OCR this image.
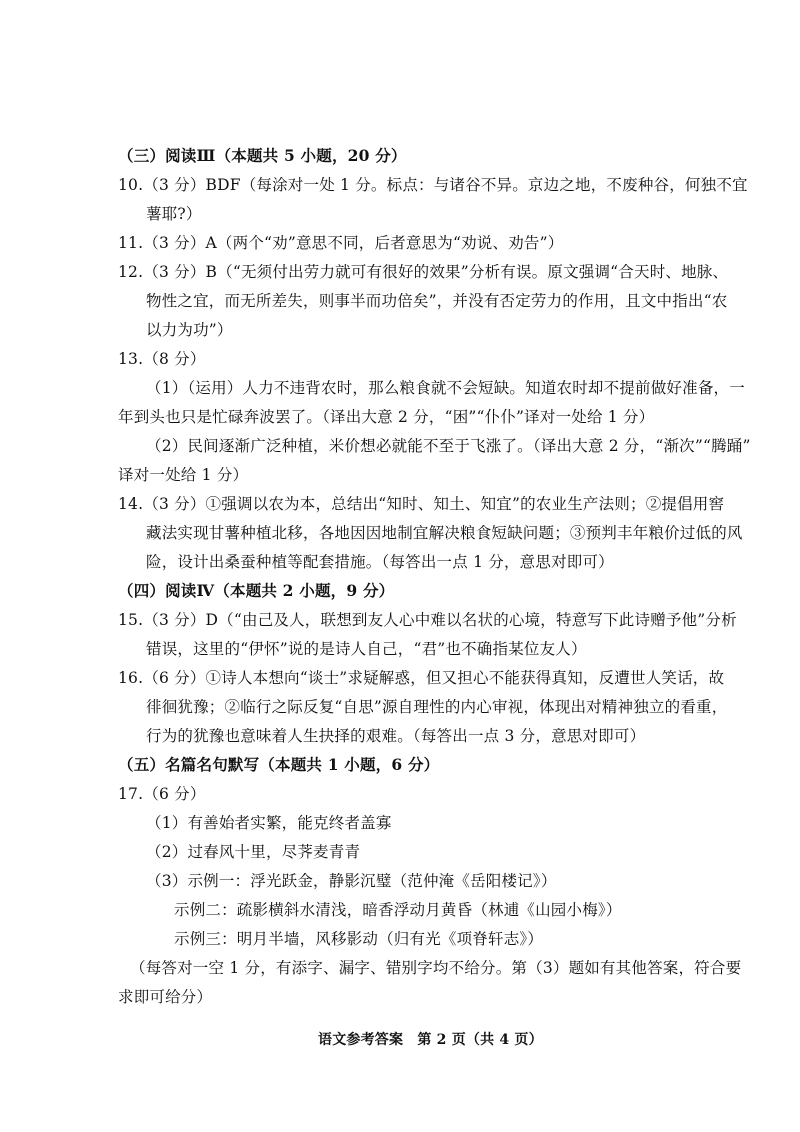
（三）阅读Ⅲ（本题共 5 小题，20 分）
10.（3 分）BDF（每涂对一处 1 分。标点：与诸谷不异。京边之地，不废种谷，何独不宜
薯耶?）
11.（3 分）A（两个“劝”意思不同，后者意思为“劝说、劝告”）
12.（3 分）B（“无须付出劳力就可有很好的效果”分析有误。原文强调“合天时、地脉、
物性之宜，而无所差失，则事半而功倍矣”，并没有否定劳力的作用，且文中指出“农
以力为功”）
13.（8 分）
（1）（运用）人力不违背农时，那么粮食就不会短缺。知道农时却不提前做好准备，一
年到头也只是忙碌奔波罢了。（译出大意 2 分，“困”“仆仆”译对一处给 1 分）
（2）民间逐渐广泛种植，米价想必就能不至于飞涨了。（译出大意 2 分，“渐次”“腾踊”
译对一处给 1 分）
14.（3 分）①强调以农为本，总结出“知时、知土、知宜”的农业生产法则；②提倡用窖
藏法实现甘薯种植北移，各地因因地制宜解决粮食短缺问题；③预判丰年粮价过低的风
险，设计出桑蚕种植等配套措施。（每答出一点 1 分，意思对即可）
（四）阅读Ⅳ（本题共 2 小题，9 分）
15.（3 分）D（“由己及人，联想到友人心中难以名状的心境，特意写下此诗赠予他”分析
错误，这里的“伊怀”说的是诗人自己，“君”也不确指某位友人）
16.（6 分）①诗人本想向“谈士”求疑解惑，但又担心不能获得真知，反遭世人笑话，故
徘徊犹豫；②临行之际反复“自思”源自理性的内心审视，体现出对精神独立的看重，
行为的犹豫也意味着人生抉择的艰难。（每答出一点 3 分，意思对即可）
（五）名篇名句默写（本题共 1 小题，6 分）
17.（6 分）
（1）有善始者实繁，能克终者盖寡
（2）过春风十里，尽荠麦青青
（3）示例一：浮光跃金，静影沉璧（范仲淹《岳阳楼记》）
示例二：疏影横斜水清浅，暗香浮动月黄昏（林逋《山园小梅》）
示例三：明月半墙，风移影动（归有光《项脊轩志》）
（每答对一空 1 分，有添字、漏字、错别字均不给分。第（3）题如有其他答案，符合要
求即可给分）
语文参考答案　第 2 页（共 4 页）
